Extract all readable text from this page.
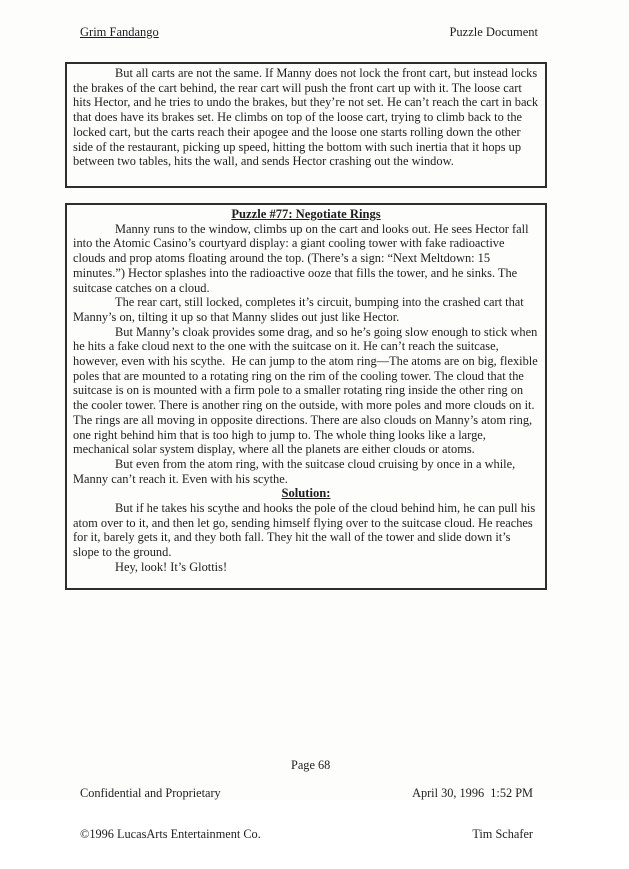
Grim Fandango	Puzzle Document

But all carts are not the same. If Manny does not lock the front cart, but instead locks the brakes of the cart behind, the rear cart will push the front cart up with it. The loose cart hits Hector, and he tries to undo the brakes, but they’re not set. He can’t reach the cart in back that does have its brakes set. He climbs on top of the loose cart, trying to climb back to the locked cart, but the carts reach their apogee and the loose one starts rolling down the other side of the restaurant, picking up speed, hitting the bottom with such inertia that it hops up between two tables, hits the wall, and sends Hector crashing out the window.

Puzzle #77: Negotiate Rings

Manny runs to the window, climbs up on the cart and looks out. He sees Hector fall into the Atomic Casino’s courtyard display: a giant cooling tower with fake radioactive clouds and prop atoms floating around the top. (There’s a sign: “Next Meltdown: 15 minutes.”) Hector splashes into the radioactive ooze that fills the tower, and he sinks. The suitcase catches on a cloud.

The rear cart, still locked, completes it’s circuit, bumping into the crashed cart that Manny’s on, tilting it up so that Manny slides out just like Hector.

But Manny’s cloak provides some drag, and so he’s going slow enough to stick when he hits a fake cloud next to the one with the suitcase on it. He can’t reach the suitcase, however, even with his scythe.  He can jump to the atom ring—The atoms are on big, flexible poles that are mounted to a rotating ring on the rim of the cooling tower. The cloud that the suitcase is on is mounted with a firm pole to a smaller rotating ring inside the other ring on the cooler tower. There is another ring on the outside, with more poles and more clouds on it. The rings are all moving in opposite directions. There are also clouds on Manny’s atom ring, one right behind him that is too high to jump to. The whole thing looks like a large, mechanical solar system display, where all the planets are either clouds or atoms.

But even from the atom ring, with the suitcase cloud cruising by once in a while, Manny can’t reach it. Even with his scythe.

Solution:

But if he takes his scythe and hooks the pole of the cloud behind him, he can pull his atom over to it, and then let go, sending himself flying over to the suitcase cloud. He reaches for it, barely gets it, and they both fall. They hit the wall of the tower and slide down it’s slope to the ground.

Hey, look! It’s Glottis!

Confidential and Proprietary

©1996 LucasArts Entertainment Co.

Page 68

April 30, 1996  1:52 PM

Tim Schafer
